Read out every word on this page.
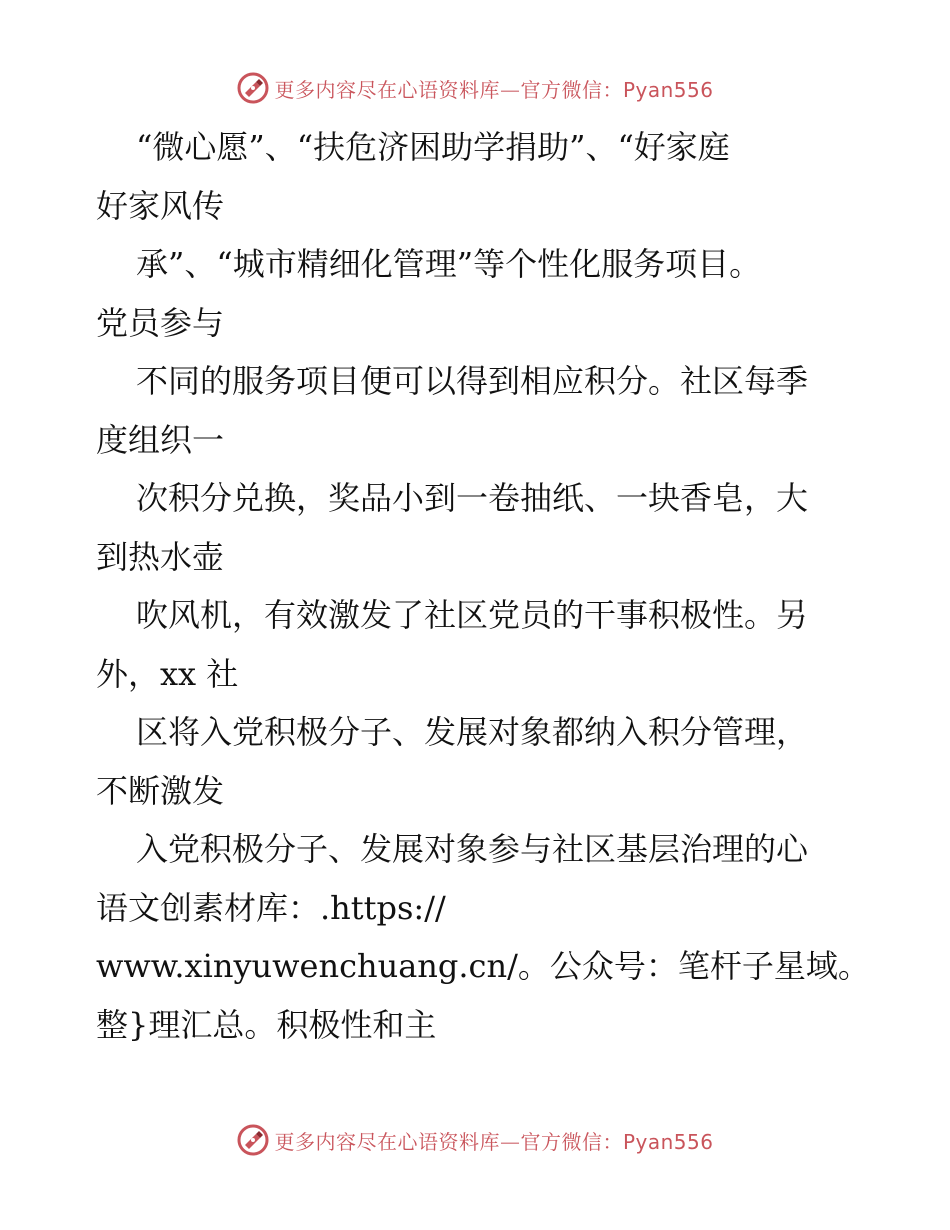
更多内容尽在心语资料库—官方微信：Pyan556
“微心愿”、“扶危济困助学捐助”、“好家庭
好家风传
承”、“城市精细化管理”等个性化服务项目。
党员参与
不同的服务项目便可以得到相应积分。社区每季
度组织一
次积分兑换，奖品小到一卷抽纸、一块香皂，大
到热水壶
吹风机，有效激发了社区党员的干事积极性。另
外，xx 社
区将入党积极分子、发展对象都纳入积分管理，
不断激发
入党积极分子、发展对象参与社区基层治理的心
语文创素材库：.https://
www.xinyuwenchuang.cn/。公众号：笔杆子星域。
整}理汇总。积极性和主
更多内容尽在心语资料库—官方微信：Pyan556
